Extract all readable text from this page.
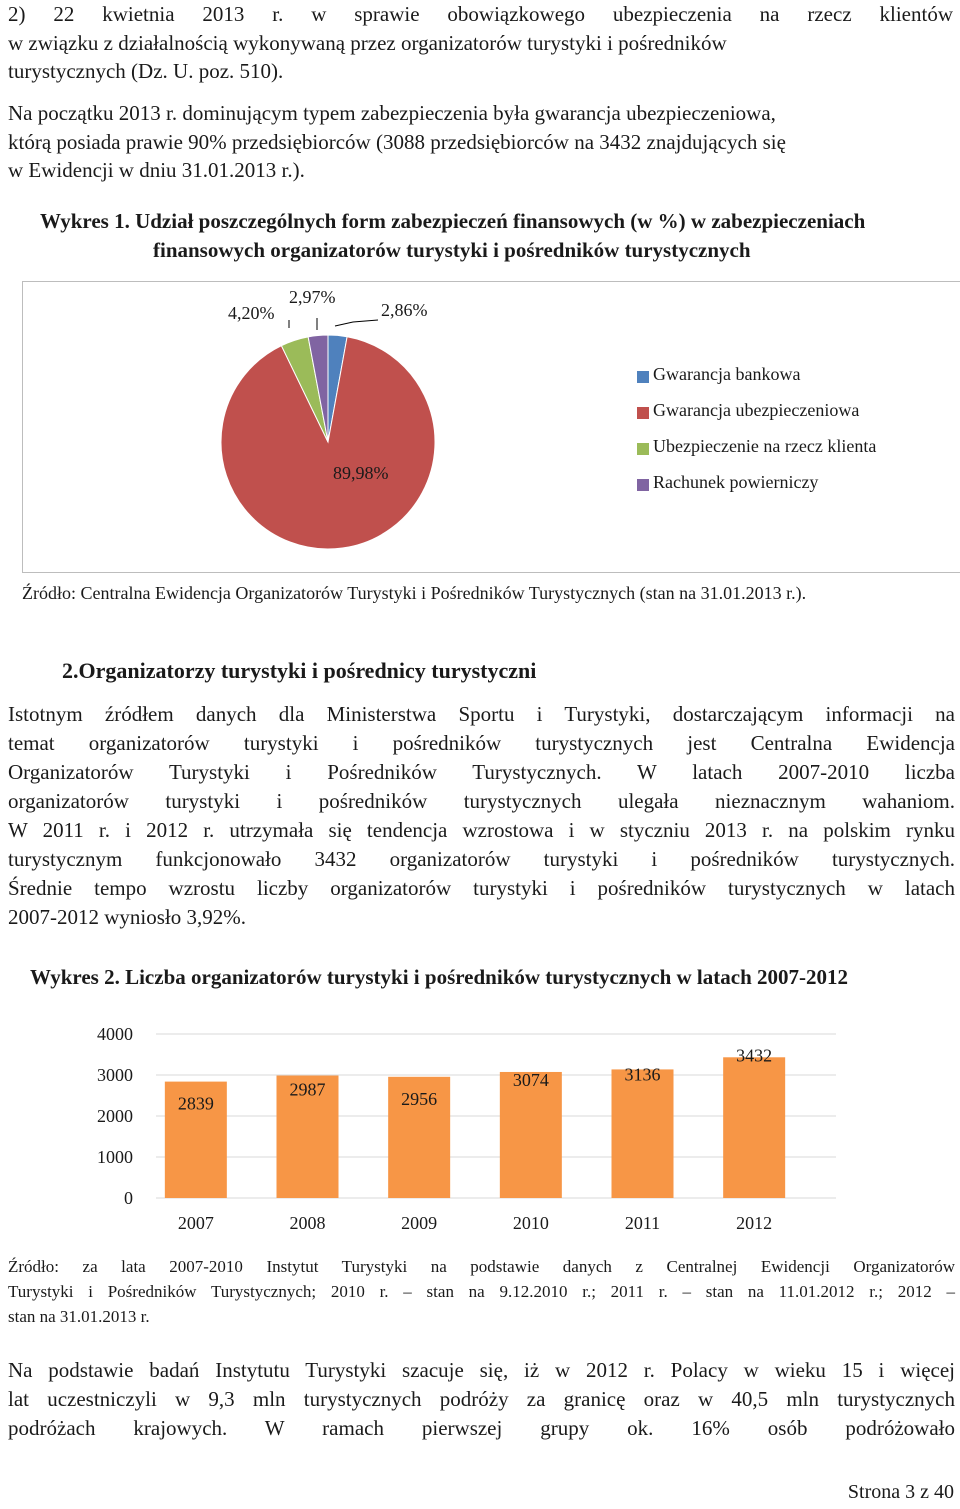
2) 22 kwietnia 2013 r. w sprawie obowiązkowego ubezpieczenia na rzecz klientów
w związku z działalnością wykonywaną przez organizatorów turystyki i pośredników
turystycznych (Dz. U. poz. 510).
Na początku 2013 r. dominującym typem zabezpieczenia była gwarancja ubezpieczeniowa,
którą posiada prawie 90% przedsiębiorców (3088 przedsiębiorców na 3432 znajdujących się
w Ewidencji w dniu 31.01.2013 r.).
Wykres 1. Udział poszczególnych form zabezpieczeń finansowych (w %) w zabezpieczeniach
finansowych organizatorów turystyki i pośredników turystycznych
2,86%
89,98%
4,20%
2,97%
Gwarancja bankowa
Gwarancja ubezpieczeniowa
Ubezpieczenie na rzecz klienta
Rachunek powierniczy
Źródło: Centralna Ewidencja Organizatorów Turystyki i Pośredników Turystycznych (stan na 31.01.2013 r.).
2.Organizatorzy turystyki i pośrednicy turystyczni
Istotnym źródłem danych dla Ministerstwa Sportu i Turystyki, dostarczającym informacji na
temat organizatorów turystyki i pośredników turystycznych jest Centralna Ewidencja
Organizatorów Turystyki i Pośredników Turystycznych. W latach 2007-2010 liczba
organizatorów turystyki i pośredników turystycznych ulegała nieznacznym wahaniom.
W 2011 r. i 2012 r. utrzymała się tendencja wzrostowa i w styczniu 2013 r. na polskim rynku
turystycznym funkcjonowało 3432 organizatorów turystyki i pośredników turystycznych.
Średnie tempo wzrostu liczby organizatorów turystyki i pośredników turystycznych w latach
2007-2012 wyniosło 3,92%.
Wykres 2. Liczba organizatorów turystyki i pośredników turystycznych w latach 2007-2012
4000
3000
2000
1000
0
2839
2987	2956
3074	3136
3432
2007	2008	2009	2010	2011	2012
Źródło: za lata 2007-2010 Instytut Turystyki na podstawie danych z Centralnej Ewidencji Organizatorów
Turystyki i Pośredników Turystycznych; 2010 r. – stan na 9.12.2010 r.; 2011 r. – stan na 11.01.2012 r.; 2012 –
stan na 31.01.2013 r.
Na podstawie badań Instytutu Turystyki szacuje się, iż w 2012 r. Polacy w wieku 15 i więcej
lat uczestniczyli w 9,3 mln turystycznych podróży za granicę oraz w 40,5 mln turystycznych
podróżach krajowych. W ramach pierwszej grupy ok. 16% osób podróżowało
Strona 3 z 40
